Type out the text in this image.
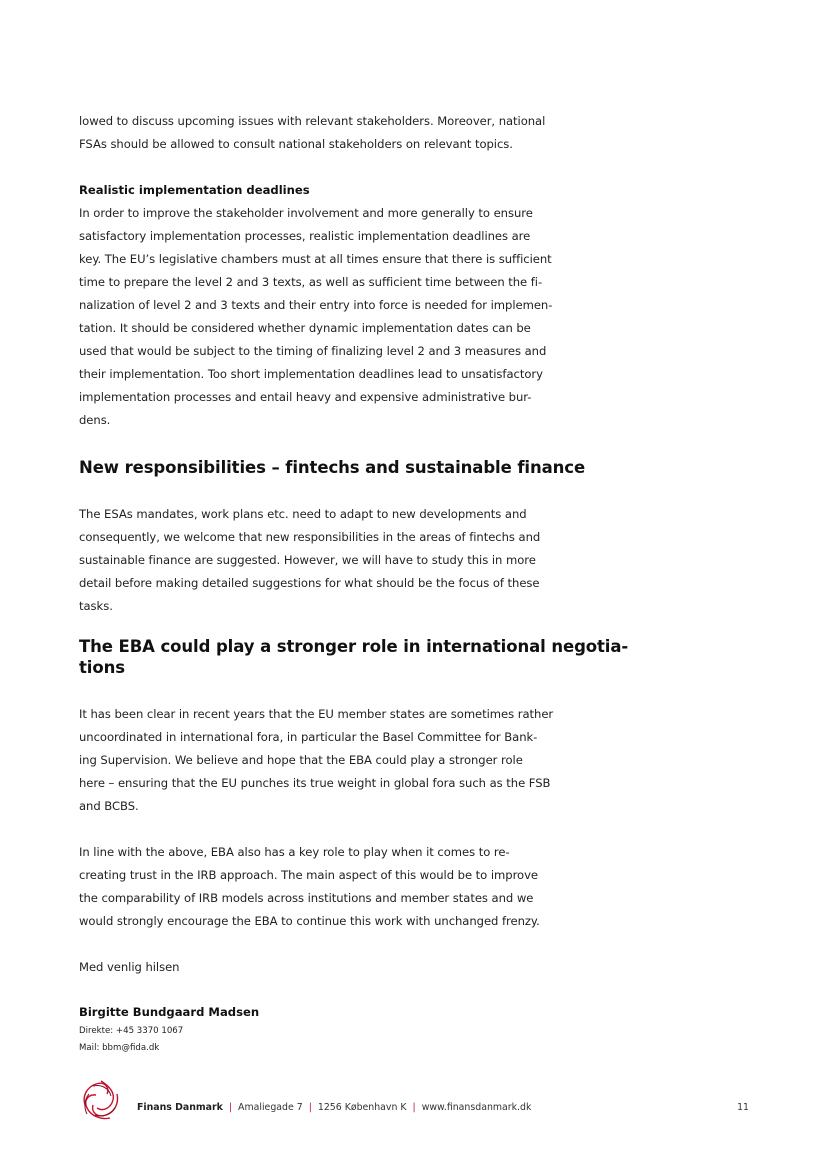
lowed to discuss upcoming issues with relevant stakeholders. Moreover, national
FSAs should be allowed to consult national stakeholders on relevant topics.

Realistic implementation deadlines

In order to improve the stakeholder involvement and more generally to ensure
satisfactory implementation processes, realistic implementation deadlines are
key. The EU’s legislative chambers must at all times ensure that there is sufficient
time to prepare the level 2 and 3 texts, as well as sufficient time between the fi-
nalization of level 2 and 3 texts and their entry into force is needed for implemen-
tation. It should be considered whether dynamic implementation dates can be
used that would be subject to the timing of finalizing level 2 and 3 measures and
their implementation. Too short implementation deadlines lead to unsatisfactory
implementation processes and entail heavy and expensive administrative bur-
dens.

New responsibilities – fintechs and sustainable finance

The ESAs mandates, work plans etc. need to adapt to new developments and
consequently, we welcome that new responsibilities in the areas of fintechs and
sustainable finance are suggested. However, we will have to study this in more
detail before making detailed suggestions for what should be the focus of these
tasks.

The EBA could play a stronger role in international negotia-
tions

It has been clear in recent years that the EU member states are sometimes rather
uncoordinated in international fora, in particular the Basel Committee for Bank-
ing Supervision. We believe and hope that the EBA could play a stronger role
here – ensuring that the EU punches its true weight in global fora such as the FSB
and BCBS.

In line with the above, EBA also has a key role to play when it comes to re-
creating trust in the IRB approach. The main aspect of this would be to improve
the comparability of IRB models across institutions and member states and we
would strongly encourage the EBA to continue this work with unchanged frenzy.

Med venlig hilsen

Birgitte Bundgaard Madsen

Direkte: +45 3370 1067

Mail: bbm@fida.dk

Finans Danmark | Amaliegade 7 | 1256 København K | www.finansdanmark.dk	11
